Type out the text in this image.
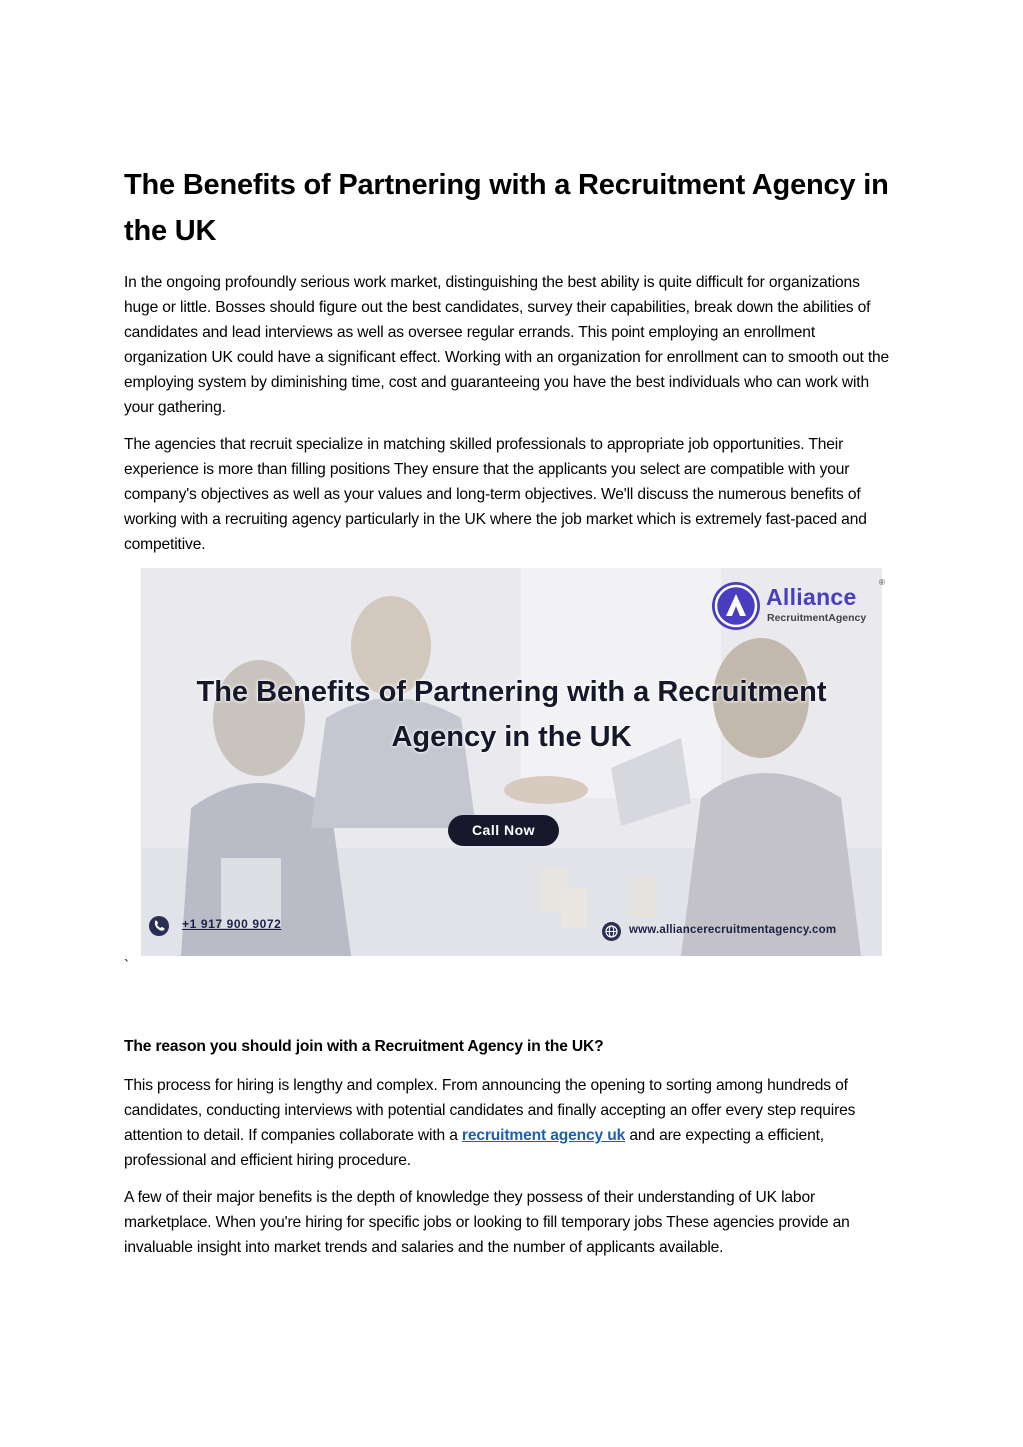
The Benefits of Partnering with a Recruitment Agency in the UK

In the ongoing profoundly serious work market, distinguishing the best ability is quite difficult for organizations huge or little. Bosses should figure out the best candidates, survey their capabilities, break down the abilities of candidates and lead interviews as well as oversee regular errands. This point employing an enrollment organization UK could have a significant effect. Working with an organization for enrollment can to smooth out the employing system by diminishing time, cost and guaranteeing you have the best individuals who can work with your gathering.

The agencies that recruit specialize in matching skilled professionals to appropriate job opportunities. Their experience is more than filling positions They ensure that the applicants you select are compatible with your company's objectives as well as your values and long-term objectives. We'll discuss the numerous benefits of working with a recruiting agency particularly in the UK where the job market which is extremely fast-paced and competitive.

Alliance
RecruitmentAgency
®
The Benefits of Partnering with a Recruitment
Agency in the UK
Call Now
+1 917 900 9072	www.alliancerecruitmentagency.com
`
The reason you should join with a Recruitment Agency in the UK?

This process for hiring is lengthy and complex. From announcing the opening to sorting among hundreds of candidates, conducting interviews with potential candidates and finally accepting an offer every step requires attention to detail. If companies collaborate with a recruitment agency uk and are expecting a efficient, professional and efficient hiring procedure.

A few of their major benefits is the depth of knowledge they possess of their understanding of UK labor marketplace. When you're hiring for specific jobs or looking to fill temporary jobs These agencies provide an invaluable insight into market trends and salaries and the number of applicants available.
